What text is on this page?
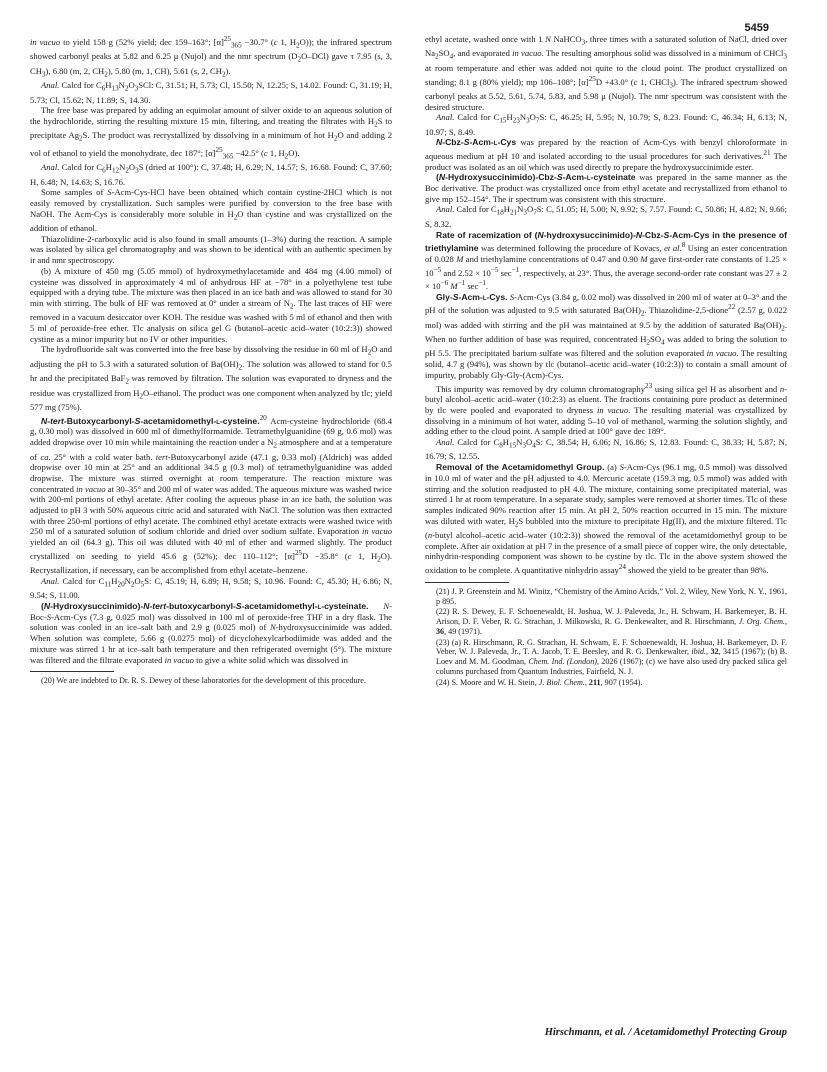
5459

in vacuo to yield 158 g (52% yield; dec 159–163°; $[\alpha]^{25}_{365} -30.7^\circ$ (c 1, $H_2O$)); the infrared spectrum showed carbonyl peaks at 5.82 and 6.25 μ (Nujol) and the nmr spectrum $(D_2O-DCl)$ gave τ 7.95 (s, 3, $CH_3$), 6.80 (m, 2, $CH_2$), 5.80 (m, 1, CH), 5.61 (s, 2, $CH_2$).

Anal. Calcd for $C_6H_{13}N_2O_3SCl$: C, 31.51; H, 5.73; Cl, 15.50; N, 12.25; S, 14.02. Found: C, 31.19; H, 5.73; Cl, 15.62; N, 11.89; S, 14.30.

The free base was prepared by adding an equimolar amount of silver oxide to an aqueous solution of the hydrochloride, stirring the resulting mixture 15 min, filtering, and treating the filtrates with $H_2S$ to precipitate $Ag_2S$. The product was recrystallized by dissolving in a minimum of hot $H_2O$ and adding 2 vol of ethanol to yield the monohydrate, dec 187°; $[\alpha]^{25}_{365} -42.5^\circ$ (c 1, $H_2O$).

Anal. Calcd for $C_6H_{12}N_2O_3S$ (dried at 100°): C, 37.48; H, 6.29; N, 14.57; S, 16.68. Found: C, 37.60; H, 6.48; N, 14.63; S, 16.76.

Some samples of S-Acm-Cys-HCl have been obtained which contain cystine-2HCl which is not easily removed by crystallization. Such samples were purified by conversion to the free base with NaOH. The Acm-Cys is considerably more soluble in $H_2O$ than cystine and was crystallized on the addition of ethanol.

Thiazolidine-2-carboxylic acid is also found in small amounts (1–3%) during the reaction. A sample was isolated by silica gel chromatography and was shown to be identical with an authentic specimen by ir and nmr spectroscopy.

(b) A mixture of 450 mg (5.05 mmol) of hydroxymethylacetamide and 484 mg (4.00 mmol) of cysteine was dissolved in approximately 4 ml of anhydrous HF at −78° in a polyethylene test tube equipped with a drying tube. The mixture was then placed in an ice bath and was allowed to stand for 30 min with stirring. The bulk of HF was removed at 0° under a stream of $N_2$. The last traces of HF were removed in a vacuum desiccator over KOH. The residue was washed with 5 ml of ethanol and then with 5 ml of peroxide-free ether. Tlc analysis on silica gel G (butanol–acetic acid–water (10:2:3)) showed cystine as a minor impurity but no IV or other impurities.

The hydrofluoride salt was converted into the free base by dissolving the residue in 60 ml of $H_2O$ and adjusting the pH to 5.3 with a saturated solution of $Ba(OH)_2$. The solution was allowed to stand for 0.5 hr and the precipitated BaF$_2$ was removed by filtration. The solution was evaporated to dryness and the residue was crystallized from $H_2O$–ethanol. The product was one component when analyzed by tlc; yield 577 mg (75%).

N-tert-Butoxycarbonyl-S-acetamidomethyl-l-cysteine.$^{20}$ Acm-cysteine hydrochloride (68.4 g, 0.30 mol) was dissolved in 600 ml of dimethylformamide. Tetramethylguanidine (69 g, 0.6 mol) was added dropwise over 10 min while maintaining the reaction under a $N_2$ atmosphere and at a temperature of ca. 25° with a cold water bath. tert-Butoxycarbonyl azide (47.1 g, 0.33 mol) (Aldrich) was added dropwise over 10 min at 25° and an additional 34.5 g (0.3 mol) of tetramethylguanidine was added dropwise. The mixture was stirred overnight at room temperature. The reaction mixture was concentrated in vacuo at 30–35° and 200 ml of water was added. The aqueous mixture was washed twice with 200-ml portions of ethyl acetate. After cooling the aqueous phase in an ice bath, the solution was adjusted to pH 3 with 50% aqueous citric acid and saturated with NaCl. The solution was then extracted with three 250-ml portions of ethyl acetate. The combined ethyl acetate extracts were washed twice with 250 ml of a saturated solution of sodium chloride and dried over sodium sulfate. Evaporation in vacuo yielded an oil (64.3 g). This oil was diluted with 40 ml of ether and warmed slightly. The product crystallized on seeding to yield 45.6 g (52%); dec 110–112°; $[\alpha]^{25}D -35.8^\circ$ (c 1, $H_2O$). Recrystallization, if necessary, can be accomplished from ethyl acetate–benzene.

Anal. Calcd for $C_{11}H_{20}N_2O_5S$: C, 45.19; H, 6.89; H, 9.58; S, 10.96. Found: C, 45.30; H, 6.86; N, 9.54; S, 11.00.

(N-Hydroxysuccinimido)-N-tert-butoxycarbonyl-S-acetamidomethyl-l-cysteinate. N-Boc-S-Acm-Cys (7.3 g, 0.025 mol) was dissolved in 100 ml of peroxide-free THF in a dry flask. The solution was cooled in an ice–salt bath and 2.9 g (0.025 mol) of N-hydroxysuccinimide was added. When solution was complete, 5.66 g (0.0275 mol) of dicyclohexylcarbodiimide was added and the mixture was stirred 1 hr at ice–salt bath temperature and then refrigerated overnight (5°). The mixture was filtered and the filtrate evaporated in vacuo to give a white solid which was dissolved in

(20) We are indebted to Dr. R. S. Dewey of these laboratories for the development of this procedure.

ethyl acetate, washed once with 1 N NaHCO$_3$, three times with a saturated solution of NaCl, dried over $Na_2SO_4$, and evaporated in vacuo. The resulting amorphous solid was dissolved in a minimum of CHCl$_3$ at room temperature and ether was added not quite to the cloud point. The product crystallized on standing; 8.1 g (80% yield); mp 106–108°; $[\alpha]^{25}D +43.0^\circ$ (c 1, CHCl$_3$). The infrared spectrum showed carbonyl peaks at 5.52, 5.61, 5.74, 5.83, and 5.98 μ (Nujol). The nmr spectrum was consistent with the desired structure.

Anal. Calcd for $C_{15}H_{23}N_3O_7S$: C, 46.25; H, 5.95; N, 10.79; S, 8.23. Found: C, 46.34; H, 6.13; N, 10.97; S, 8.49.

N-Cbz-S-Acm-l-Cys was prepared by the reaction of Acm-Cys with benzyl chloroformate in aqueous medium at pH 10 and isolated according to the usual procedures for such derivatives.$^{21}$ The product was isolated as an oil which was used directly to prepare the hydroxysuccinimide ester.

(N-Hydroxysuccinimido)-Cbz-S-Acm-l-cysteinate was prepared in the same manner as the Boc derivative. The product was crystallized once from ethyl acetate and recrystallized from ethanol to give mp 152–154°. The ir spectrum was consistent with this structure.

Anal. Calcd for $C_{18}H_{21}N_3O_7S$: C, 51.05; H, 5.00; N, 9.92; S, 7.57. Found: C, 50.86; H, 4.82; N, 9.66; S, 8.32.

Rate of racemization of (N-hydroxysuccinimido)-N-Cbz-S-Acm-Cys in the presence of triethylamine was determined following the procedure of Kovacs, et al.$^8$ Using an ester concentration of 0.028 M and triethylamine concentrations of 0.47 and 0.90 M gave first-order rate constants of $1.25 \times 10^{-5}$ and $2.52 \times 10^{-5}$ $\sec^{-1}$, respectively, at 23°. Thus, the average second-order rate constant was $27 \pm 2 \times 10^{-6}$ $M^{-1}$ $\sec^{-1}$.

Gly-S-Acm-l-Cys. S-Acm-Cys (3.84 g, 0.02 mol) was dissolved in 200 ml of water at 0–3° and the pH of the solution was adjusted to 9.5 with saturated $Ba(OH)_2$. Thiazolidine-2,5-dione$^{22}$ (2.57 g, 0.022 mol) was added with stirring and the pH was maintained at 9.5 by the addition of saturated $Ba(OH)_2$. When no further addition of base was required, concentrated $H_2SO_4$ was added to bring the solution to pH 5.5. The precipitated barium sulfate was filtered and the solution evaporated in vacuo. The resulting solid, 4.7 g (94%), was shown by tlc (butanol–acetic acid–water (10:2:3)) to contain a small amount of impurity, probably Gly-Gly-(Acm)-Cys.

This impurity was removed by dry column chromatography$^{23}$ using silica gel H as absorbent and n-butyl alcohol–acetic acid–water (10:2:3) as eluent. The fractions containing pure product as determined by tlc were pooled and evaporated to dryness in vacuo. The resulting material was crystallized by dissolving in a minimum of hot water, adding 5–10 vol of methanol, warming the solution slightly, and adding ether to the cloud point. A sample dried at 100° gave dec 189°.

Anal. Calcd for $C_8H_{15}N_3O_4S$: C, 38.54; H, 6.06; N, 16.86; S, 12.83. Found: C, 38.33; H, 5.87; N, 16.79; S, 12.55.

Removal of the Acetamidomethyl Group. (a) S-Acm-Cys (96.1 mg, 0.5 mmol) was dissolved in 10.0 ml of water and the pH adjusted to 4.0. Mercuric acetate (159.3 mg, 0.5 mmol) was added with stirring and the solution readjusted to pH 4.0. The mixture, containing some precipitated material, was stirred 1 hr at room temperature. In a separate study, samples were removed at shorter times. Tlc of these samples indicated 90% reaction after 15 min. At pH 2, 50% reaction occurred in 15 min. The mixture was diluted with water, $H_2S$ bubbled into the mixture to precipitate Hg(II), and the mixture filtered. Tlc (n-butyl alcohol–acetic acid–water (10:2:3)) showed the removal of the acetamidomethyl group to be complete. After air oxidation at pH 7 in the presence of a small piece of copper wire, the only detectable, ninhydrin-responding component was shown to be cystine by tlc. Tlc in the above system showed the oxidation to be complete. A quantitative ninhydrin assay$^{24}$ showed the yield to be greater than 98%.

(21) J. P. Greenstein and M. Winitz, “Chemistry of the Amino Acids,” Vol. 2, Wiley, New York, N. Y., 1961, p 895.

(22) R. S. Dewey, E. F. Schoenewaldt, H. Joshua, W. J. Paleveda, Jr., H. Schwam, H. Barkemeyer, B. H. Arison, D. F. Veber, R. G. Strachan, J. Milkowski, R. G. Denkewalter, and R. Hirschmann, J. Org. Chem., 36, 49 (1971).

(23) (a) R. Hirschmann, R. G. Strachan, H. Schwam, E. F. Schoenewaldt, H. Joshua, H. Barkemeyer, D. F. Veber, W. J. Paleveda, Jr., T. A. Jacob, T. E. Beesley, and R. G. Denkewalter, ibid., 32, 3415 (1967); (b) B. Loev and M. M. Goodman, Chem. Ind. (London), 2026 (1967); (c) we have also used dry packed silica gel columns purchased from Quantum Industries, Fairfield, N. J.

(24) S. Moore and W. H. Stein, J. Biol. Chem., 211, 907 (1954).

Hirschmann, et al. / Acetamidomethyl Protecting Group
